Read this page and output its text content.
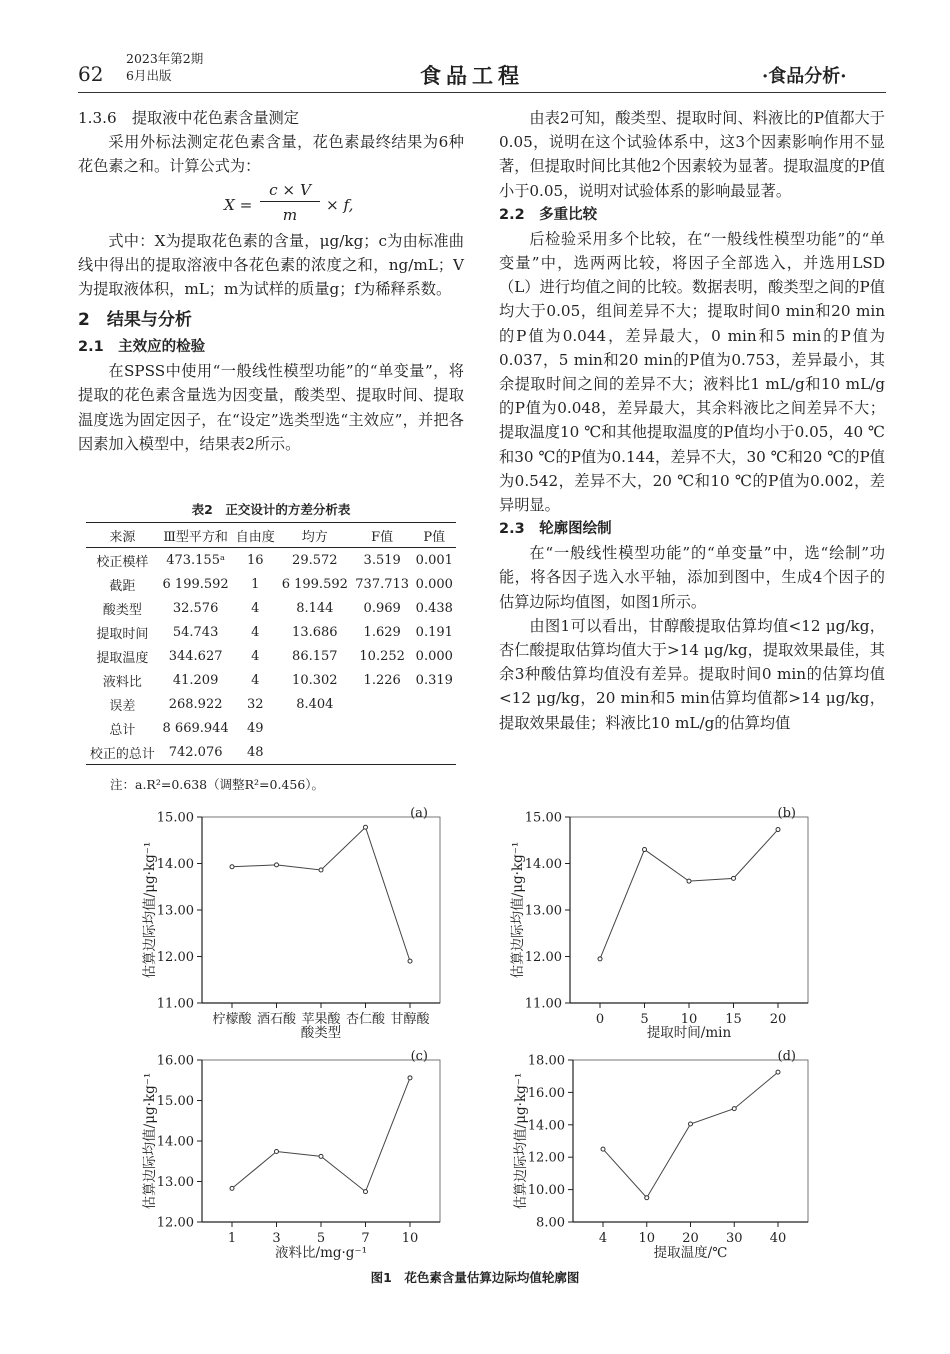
62
2023年第2期
6月出版	食品工程	·食品分析·

1.3.6　提取液中花色素含量测定

采用外标法测定花色素含量，花色素最终结果为6种花色素之和。计算公式为：

X =
c × V
m
× f,

式中：X为提取花色素的含量，μg/kg；c为由标准曲线中得出的提取溶液中各花色素的浓度之和，ng/mL；V为提取液体积，mL；m为试样的质量g；f为稀释系数。

2　结果与分析
2.1　主效应的检验

在SPSS中使用“一般线性模型功能”的“单变量”，将提取的花色素含量选为因变量，酸类型、提取时间、提取温度选为固定因子，在“设定”选类型选“主效应”，并把各因素加入模型中，结果表2所示。

表2　正交设计的方差分析表
来源	Ⅲ型平方和	自由度	均方	F值	P值
校正模样	473.155ᵃ	16	29.572	3.519	0.001
截距	6 199.592	1	6 199.592	737.713	0.000
酸类型	32.576	4	8.144	0.969	0.438
提取时间	54.743	4	13.686	1.629	0.191
提取温度	344.627	4	86.157	10.252	0.000
液料比	41.209	4	10.302	1.226	0.319
误差	268.922	32	8.404		
总计	8 669.944	49			
校正的总计	742.076	48			
注：a.R²=0.638（调整R²=0.456）。

由表2可知，酸类型、提取时间、料液比的P值都大于0.05，说明在这个试验体系中，这3个因素影响作用不显著，但提取时间比其他2个因素较为显著。提取温度的P值小于0.05，说明对试验体系的影响最显著。

2.2　多重比较

后检验采用多个比较，在“一般线性模型功能”的“单变量”中，选两两比较，将因子全部选入，并选用LSD（L）进行均值之间的比较。数据表明，酸类型之间的P值均大于0.05，组间差异不大；提取时间0 min和20 min的P值为0.044，差异最大，0 min和5 min的P值为0.037，5 min和20 min的P值为0.753，差异最小，其余提取时间之间的差异不大；液料比1 mL/g和10 mL/g的P值为0.048，差异最大，其余料液比之间差异不大；提取温度10 ℃和其他提取温度的P值均小于0.05，40 ℃和30 ℃的P值为0.144，差异不大，30 ℃和20 ℃的P值为0.542，差异不大，20 ℃和10 ℃的P值为0.002，差异明显。

2.3　轮廓图绘制

在“一般线性模型功能”的“单变量”中，选“绘制”功能，将各因子选入水平轴，添加到图中，生成4个因子的估算边际均值图，如图1所示。

由图1可以看出，甘醇酸提取估算均值<12 μg/kg，杏仁酸提取估算均值大于>14 μg/kg，提取效果最佳，其余3种酸估算均值没有差异。提取时间0 min的估算均值<12 μg/kg，20 min和5 min估算均值都>14 μg/kg，提取效果最佳；料液比10 mL/g的估算均值

11.00
12.00
13.00
14.00
15.00
柠檬酸 酒石酸 苹果酸 杏仁酸 甘醇酸
(a)
酸类型
估算边际均值/μg·kg⁻¹
11.00
12.00
13.00
14.00
15.00
0	5 10 15 20
(b)
提取时间/min
估算边际均值/μg·kg⁻¹
12.00
13.00
14.00
15.00
16.00
1	3	5	7 10
(c)
液料比/mg·g⁻¹
估算边际均值/μg·kg⁻¹
8.00
10.00
12.00
14.00
16.00
18.00
4 10 20 30 40
(d)
提取温度/℃
估算边际均值/μg·kg⁻¹
图1　花色素含量估算边际均值轮廓图
